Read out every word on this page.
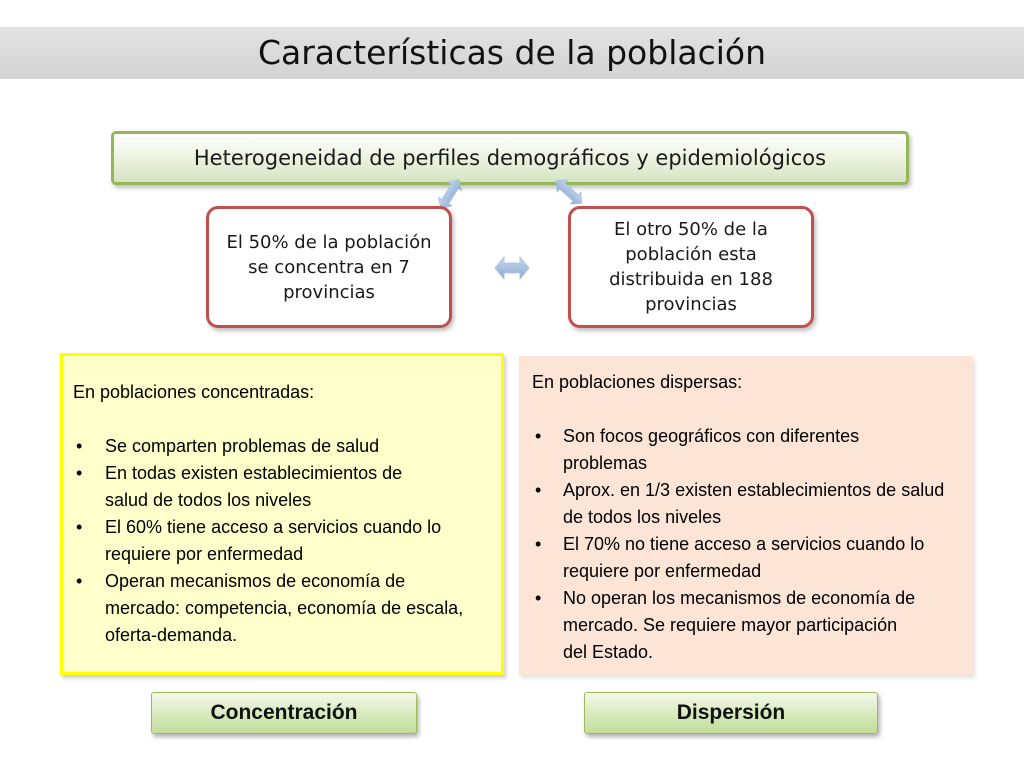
Características de la población
Heterogeneidad de perfiles demográficos y epidemiológicos
El 50% de la población se concentra en 7 provincias
El otro 50% de la población esta distribuida en 188 provincias
En poblaciones concentradas:
• Se comparten problemas de salud
• En todas existen establecimientos de salud de todos los niveles
• El 60% tiene acceso a servicios cuando lo requiere por enfermedad
• Operan mecanismos de economía de mercado: competencia, economía de escala, oferta-demanda.
En poblaciones dispersas:
• Son focos geográficos con diferentes problemas
• Aprox. en 1/3 existen establecimientos de salud de todos los niveles
• El 70% no tiene acceso a servicios cuando lo requiere por enfermedad
• No operan los mecanismos de economía de mercado. Se requiere mayor participación del Estado.
Concentración	Dispersión
